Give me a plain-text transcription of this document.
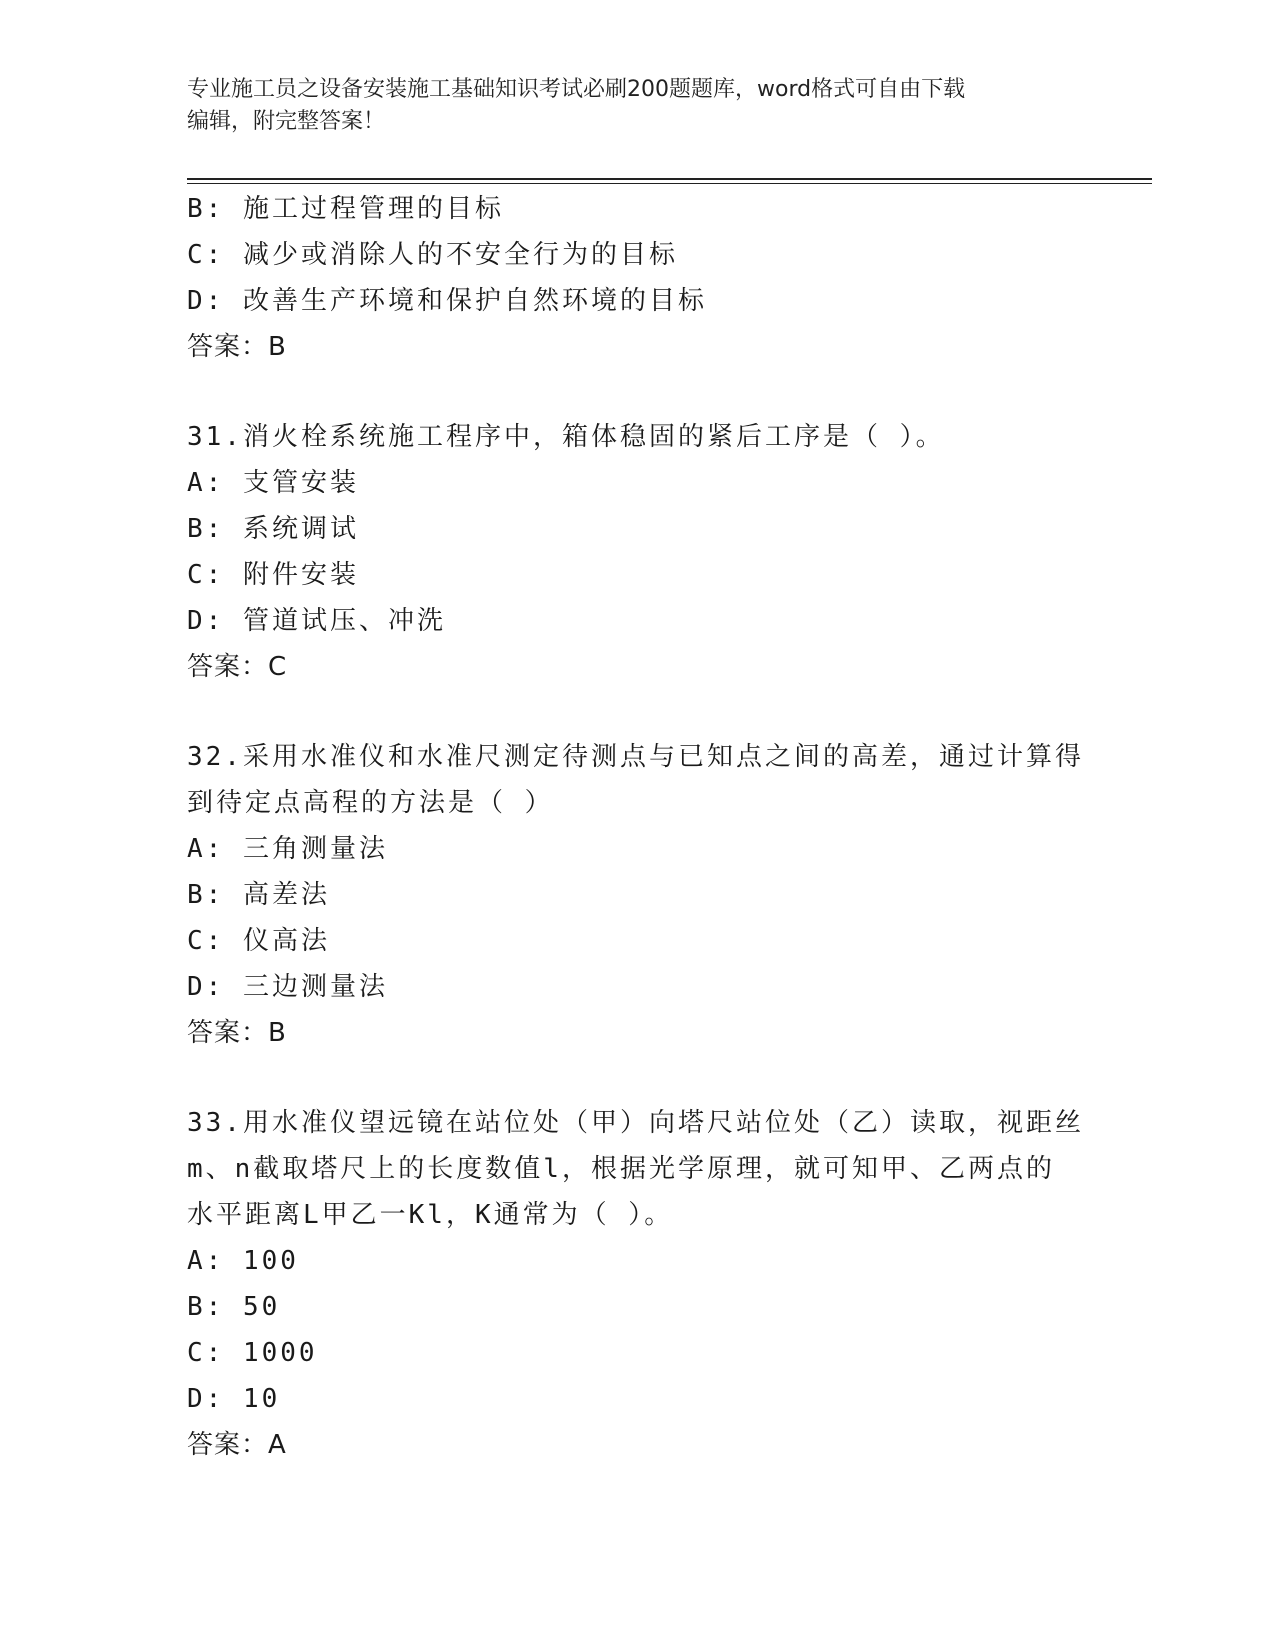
专业施工员之设备安装施工基础知识考试必刷200题题库，word格式可自由下载
编辑，附完整答案！
B: 施工过程管理的目标
C: 减少或消除人的不安全行为的目标
D: 改善生产环境和保护自然环境的目标
答案：B
31.消火栓系统施工程序中，箱体稳固的紧后工序是（ ）。
A: 支管安装
B: 系统调试
C: 附件安装
D: 管道试压、冲洗
答案：C
32.采用水准仪和水准尺测定待测点与已知点之间的高差，通过计算得
到待定点高程的方法是（ ）
A: 三角测量法
B: 高差法
C: 仪高法
D: 三边测量法
答案：B
33.用水准仪望远镜在站位处（甲）向塔尺站位处（乙）读取，视距丝
m、n截取塔尺上的长度数值l，根据光学原理，就可知甲、乙两点的
水平距离L甲乙一Kl，K通常为（ ）。
A: 100
B: 50
C: 1000
D: 10
答案：A
